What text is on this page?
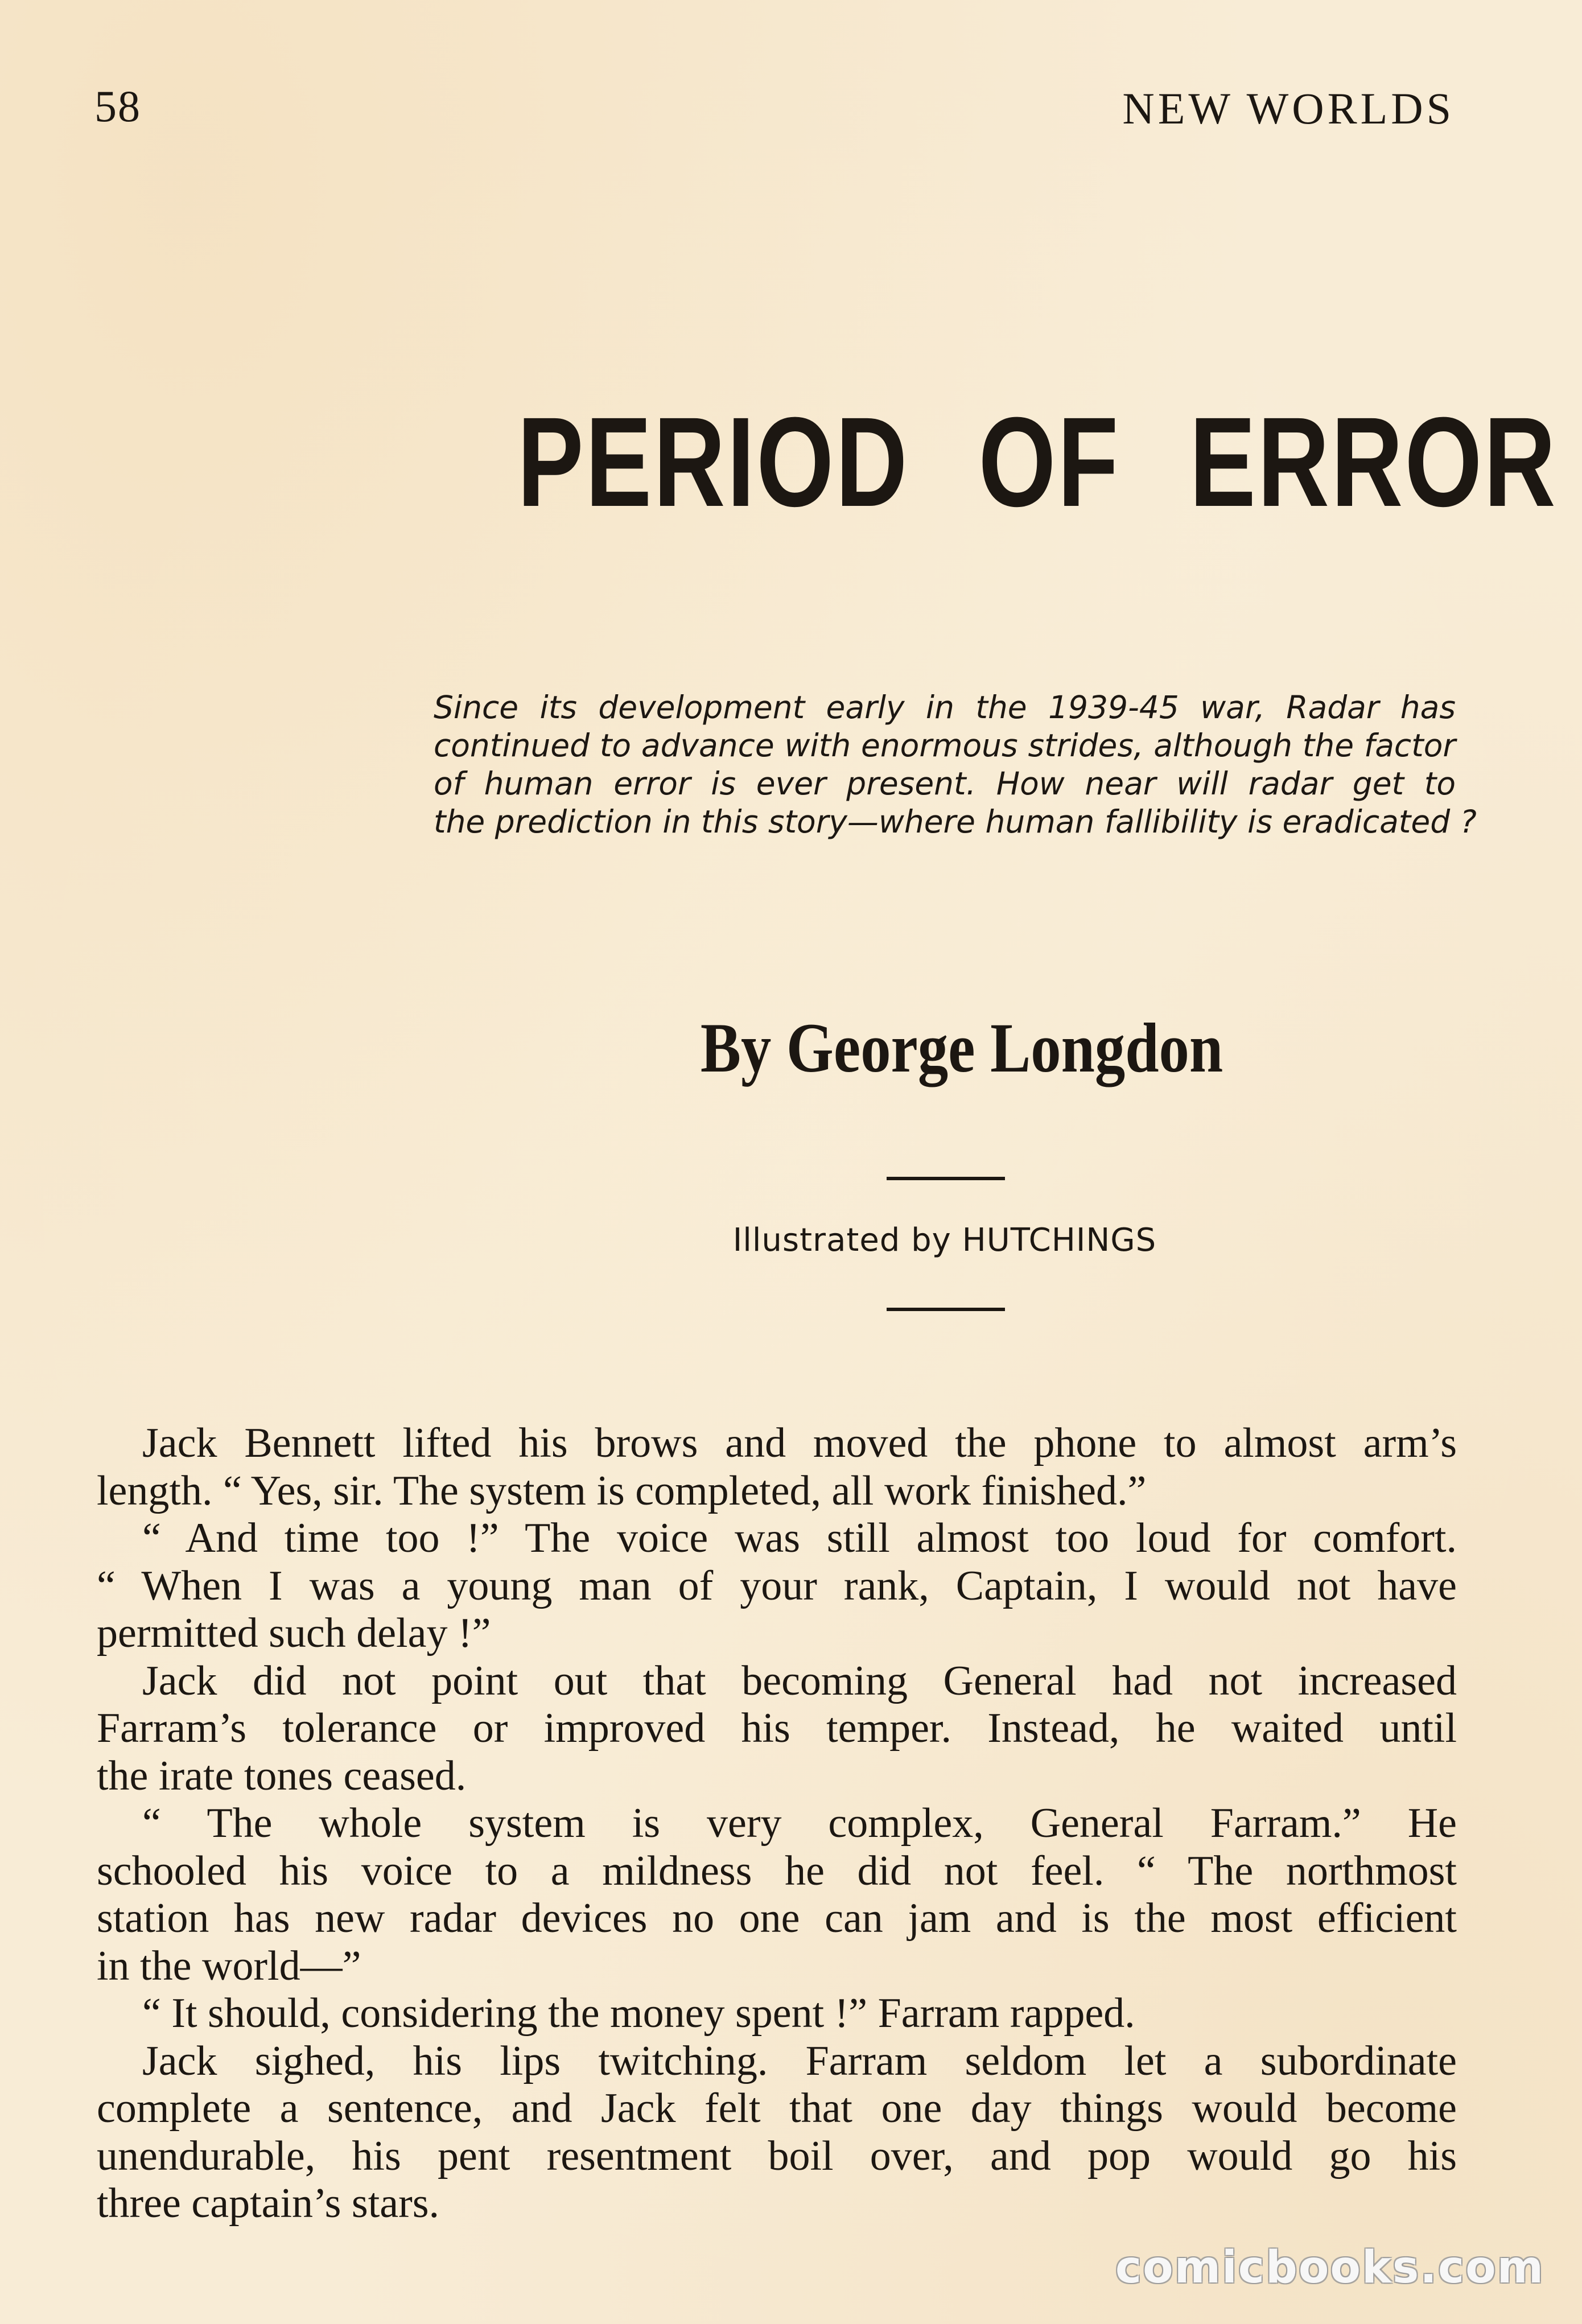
58	NEW WORLDS
PERIOD OF ERROR
Since its development early in the 1939-45 war, Radar has
continued to advance with enormous strides, although the factor
of human error is ever present. How near will radar get to
the prediction in this story—where human fallibility is eradicated ?
By George Longdon
Illustrated by HUTCHINGS
Jack Bennett lifted his brows and moved the phone to almost arm’s
length. “ Yes, sir. The system is completed, all work finished.”
“ And time too !” The voice was still almost too loud for comfort.
“ When I was a young man of your rank, Captain, I would not have
permitted such delay !”
Jack did not point out that becoming General had not increased
Farram’s tolerance or improved his temper. Instead, he waited until
the irate tones ceased.
“ The whole system is very complex, General Farram.” He
schooled his voice to a mildness he did not feel. “ The northmost
station has new radar devices no one can jam and is the most efficient
in the world—”
“ It should, considering the money spent !” Farram rapped.
Jack sighed, his lips twitching. Farram seldom let a subordinate
complete a sentence, and Jack felt that one day things would become
unendurable, his pent resentment boil over, and pop would go his
three captain’s stars.
comicbooks.com
